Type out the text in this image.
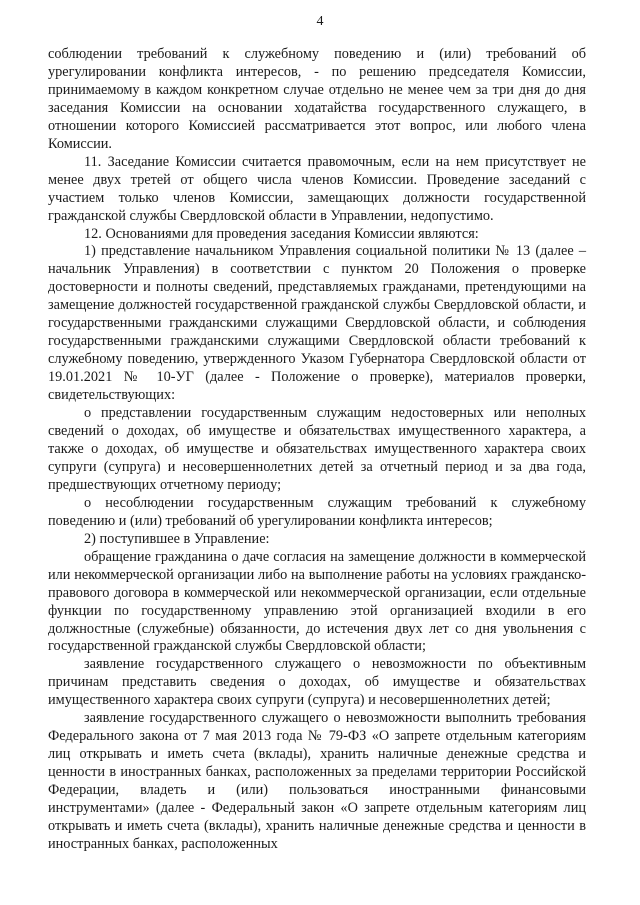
4

соблюдении требований к служебному поведению и (или) требований об урегулировании конфликта интересов, - по решению председателя Комиссии, принимаемому в каждом конкретном случае отдельно не менее чем за три дня до дня заседания Комиссии на основании ходатайства государственного служащего, в отношении которого Комиссией рассматривается этот вопрос, или любого члена Комиссии.

11. Заседание Комиссии считается правомочным, если на нем присутствует не менее двух третей от общего числа членов Комиссии. Проведение заседаний с участием только членов Комиссии, замещающих должности государственной гражданской службы Свердловской области в Управлении, недопустимо.

12. Основаниями для проведения заседания Комиссии являются:

1) представление начальником Управления социальной политики № 13 (далее – начальник Управления) в соответствии с пунктом 20 Положения о проверке достоверности и полноты сведений, представляемых гражданами, претендующими на замещение должностей государственной гражданской службы Свердловской области, и государственными гражданскими служащими Свердловской области, и соблюдения государственными гражданскими служащими Свердловской области требований к служебному поведению, утвержденного Указом Губернатора Свердловской области от 19.01.2021 № 10-УГ (далее - Положение о проверке), материалов проверки, свидетельствующих:

о представлении государственным служащим недостоверных или неполных сведений о доходах, об имуществе и обязательствах имущественного характера, а также о доходах, об имуществе и обязательствах имущественного характера своих супруги (супруга) и несовершеннолетних детей за отчетный период и за два года, предшествующих отчетному периоду;

о несоблюдении государственным служащим требований к служебному поведению и (или) требований об урегулировании конфликта интересов;

2) поступившее в Управление:

обращение гражданина о даче согласия на замещение должности в коммерческой или некоммерческой организации либо на выполнение работы на условиях гражданско-правового договора в коммерческой или некоммерческой организации, если отдельные функции по государственному управлению этой организацией входили в его должностные (служебные) обязанности, до истечения двух лет со дня увольнения с государственной гражданской службы Свердловской области;

заявление государственного служащего о невозможности по объективным причинам представить сведения о доходах, об имуществе и обязательствах имущественного характера своих супруги (супруга) и несовершеннолетних детей;

заявление государственного служащего о невозможности выполнить требования Федерального закона от 7 мая 2013 года № 79-ФЗ «О запрете отдельным категориям лиц открывать и иметь счета (вклады), хранить наличные денежные средства и ценности в иностранных банках, расположенных за пределами территории Российской Федерации, владеть и (или) пользоваться иностранными финансовыми инструментами» (далее - Федеральный закон «О запрете отдельным категориям лиц открывать и иметь счета (вклады), хранить наличные денежные средства и ценности в иностранных банках, расположенных
